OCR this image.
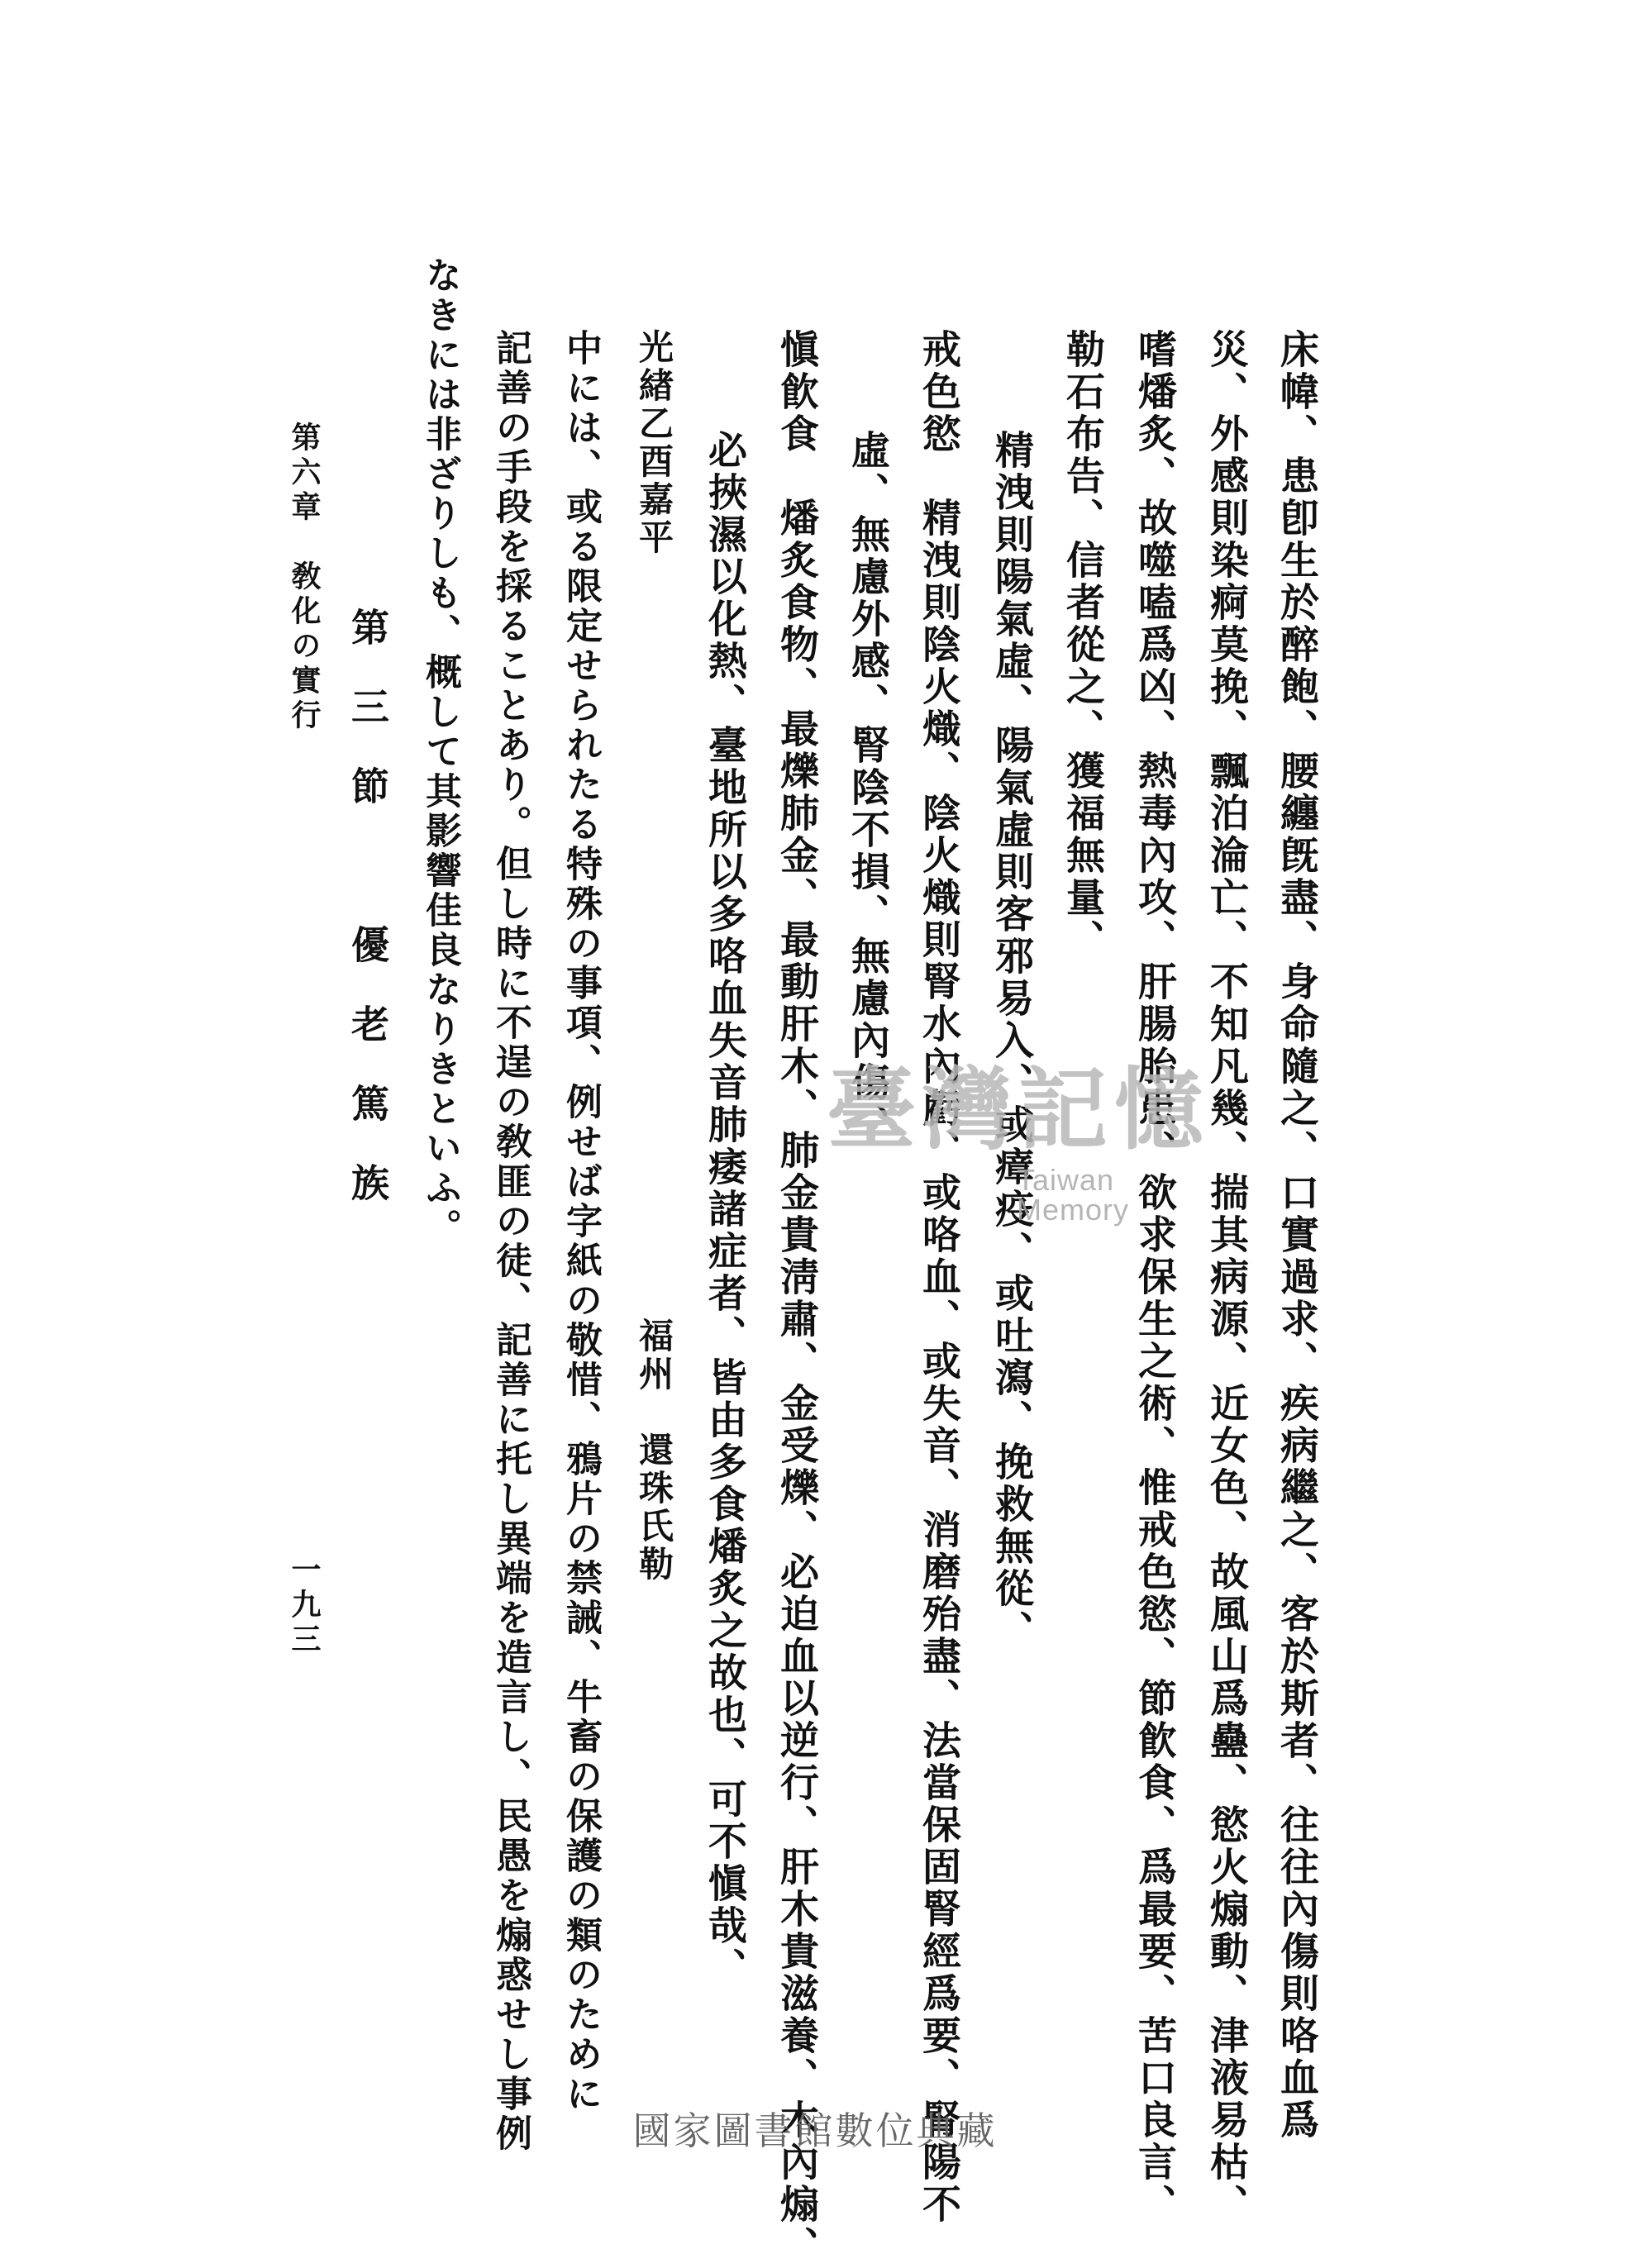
床幃、患卽生於醉飽、腰纏旣盡、身命隨之、口實過求、疾病繼之、客於斯者、往往內傷則咯血爲
災、外感則染痾莫挽、飄泊淪亡、不知凡幾、揣其病源、近女色、故風山爲蠱、慾火煽動、津液易枯、
嗜燔炙、故噬嗑爲凶、熱毒內攻、肝腸胎患、欲求保生之術、惟戒色慾、節飮食、爲最要、苦口良言、
勒石布告、信者從之、獲福無量、
精洩則陽氣虛、陽氣虛則客邪易入、或瘴疫、或吐瀉、挽救無從、
戒色慾　精洩則陰火熾、陰火熾則腎水內虧、或咯血、或失音、消磨殆盡、法當保固腎經爲要、腎陽不
虛、無慮外感、腎陰不損、無慮內傷、
愼飮食　燔炙食物、最爍肺金、最動肝木、肺金貴淸肅、金受爍、必迫血以逆行、肝木貴滋養、木內煽、
必挾濕以化熱、臺地所以多咯血失音肺痿諸症者、皆由多食燔炙之故也、可不愼哉、
光緖乙酉嘉平　　　　　　　　　　　　　　　　　　　　福州　還珠氏勒
中には、或る限定せられたる特殊の事項、例せば字紙の敬惜、鴉片の禁誡、牛畜の保護の類のために
記善の手段を採ることあり。但し時に不逞の敎匪の徒、記善に托し異端を造言し、民愚を煽惑せし事例
なきには非ざりしも、概して其影響佳良なりきといふ。
第三節　優老篤族
第六章　敎化の實行
一九三
臺灣記憶
Taiwan Memory
國家圖書館數位典藏
